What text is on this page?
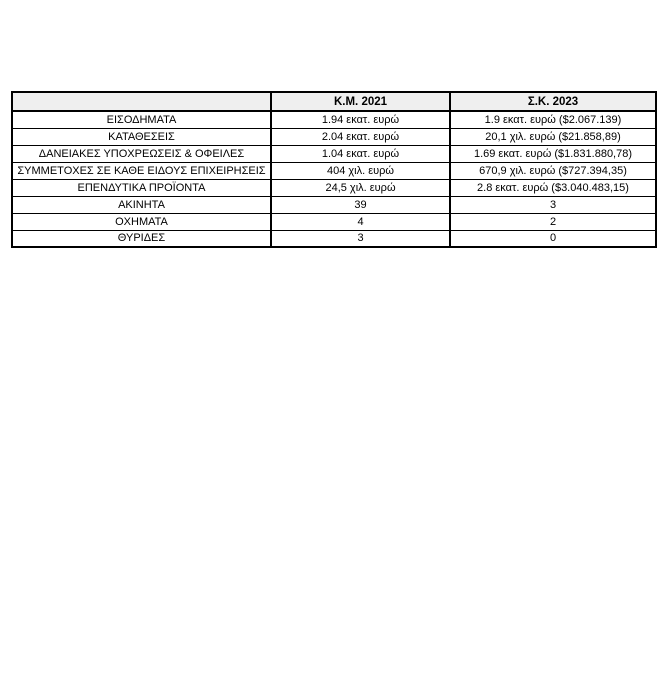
	Κ.Μ. 2021	Σ.Κ. 2023
ΕΙΣΟΔΗΜΑΤΑ	1.94 εκατ. ευρώ	1.9 εκατ. ευρώ ($2.067.139)
ΚΑΤΑΘΕΣΕΙΣ	2.04 εκατ. ευρώ	20,1 χιλ. ευρώ ($21.858,89)
ΔΑΝΕΙΑΚΕΣ ΥΠΟΧΡΕΩΣΕΙΣ & ΟΦΕΙΛΕΣ	1.04 εκατ. ευρώ	1.69 εκατ. ευρώ ($1.831.880,78)
ΣΥΜΜΕΤΟΧΕΣ ΣΕ ΚΑΘΕ ΕΙΔΟΥΣ ΕΠΙΧΕΙΡΗΣΕΙΣ	404 χιλ. ευρώ	670,9 χιλ. ευρώ ($727.394,35)
ΕΠΕΝΔΥΤΙΚΑ ΠΡΟΪΟΝΤΑ	24,5 χιλ. ευρώ	2.8 εκατ. ευρώ ($3.040.483,15)
ΑΚΙΝΗΤΑ	39	3
ΟΧΗΜΑΤΑ	4	2
ΘΥΡΙΔΕΣ	3	0
